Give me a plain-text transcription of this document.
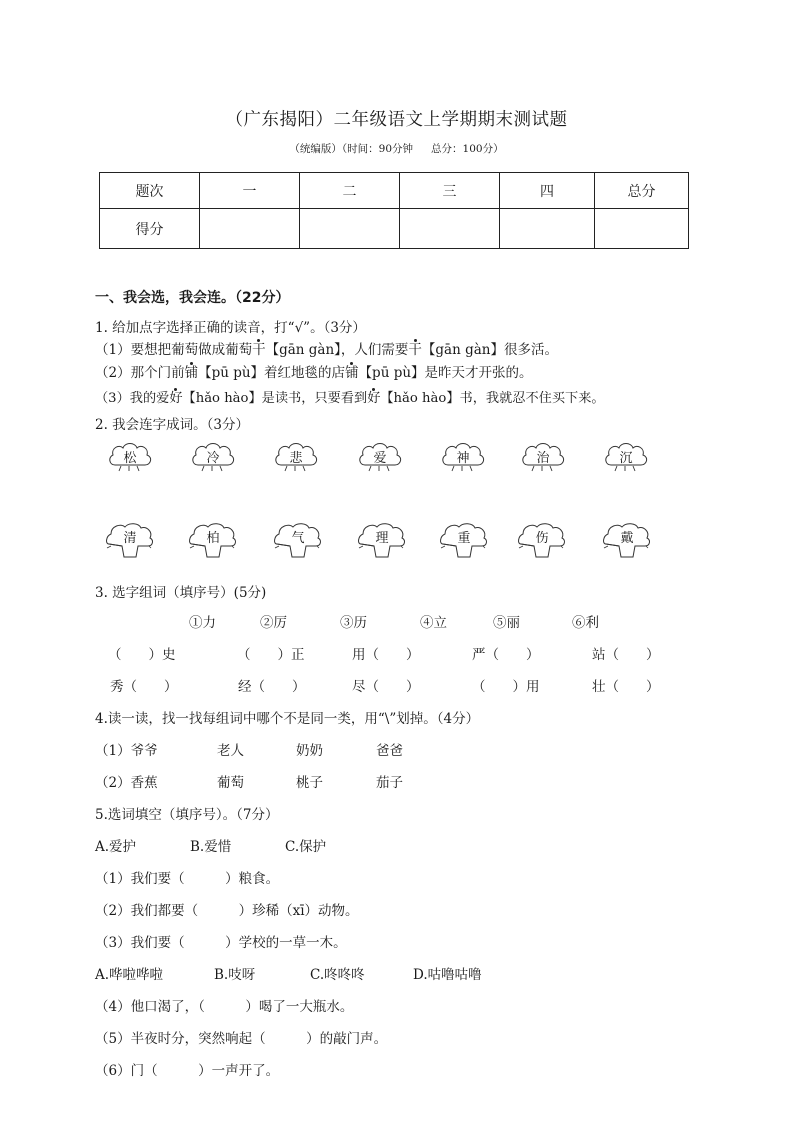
（广东揭阳）二年级语文上学期期末测试题
（统编版）（时间：90分钟 总分：100分）
题次	一	二	三	四	总分
得分					
一、我会选，我会连。（22分）
1. 给加点字选择正确的读音，打“√”。（3分）
（1）要想把葡萄做成葡萄干【gān gàn】，人们需要干【gān gàn】很多活。
（2）那个门前铺【pū pù】着红地毯的店铺【pū pù】是昨天才开张的。
（3）我的爱好【hǎo hào】是读书，只要看到好【hǎo hào】书，我就忍不住买下来。
2. 我会连字成词。（3分）
松	冷	悲	爱	神	治	沉
清	柏	气	理	重	伤	戴
3. 选字组词（填序号）(5分)
①力	②厉	③历	④立	⑤丽	⑥利
（　　）史	（　　）正	用（　　）	严（　　）	站（　　）
秀（　　）	经（　　）	尽（　　）	（　　）用	壮（　　）
4.读一读，找一找每组词中哪个不是同一类，用“\”划掉。（4分）
（1）爷爷	老人	奶奶	爸爸
（2）香蕉	葡萄	桃子	茄子
5.选词填空（填序号）。（7分）
A.爱护	B.爱惜	C.保护
（1）我们要（　　　）粮食。
（2）我们都要（　　　）珍稀（xī）动物。
（3）我们要（　　　）学校的一草一木。
A.哗啦哗啦	B.吱呀	C.咚咚咚	D.咕噜咕噜
（4）他口渴了，（　　　）喝了一大瓶水。
（5）半夜时分，突然响起（　　　）的敲门声。
（6）门（　　　）一声开了。
